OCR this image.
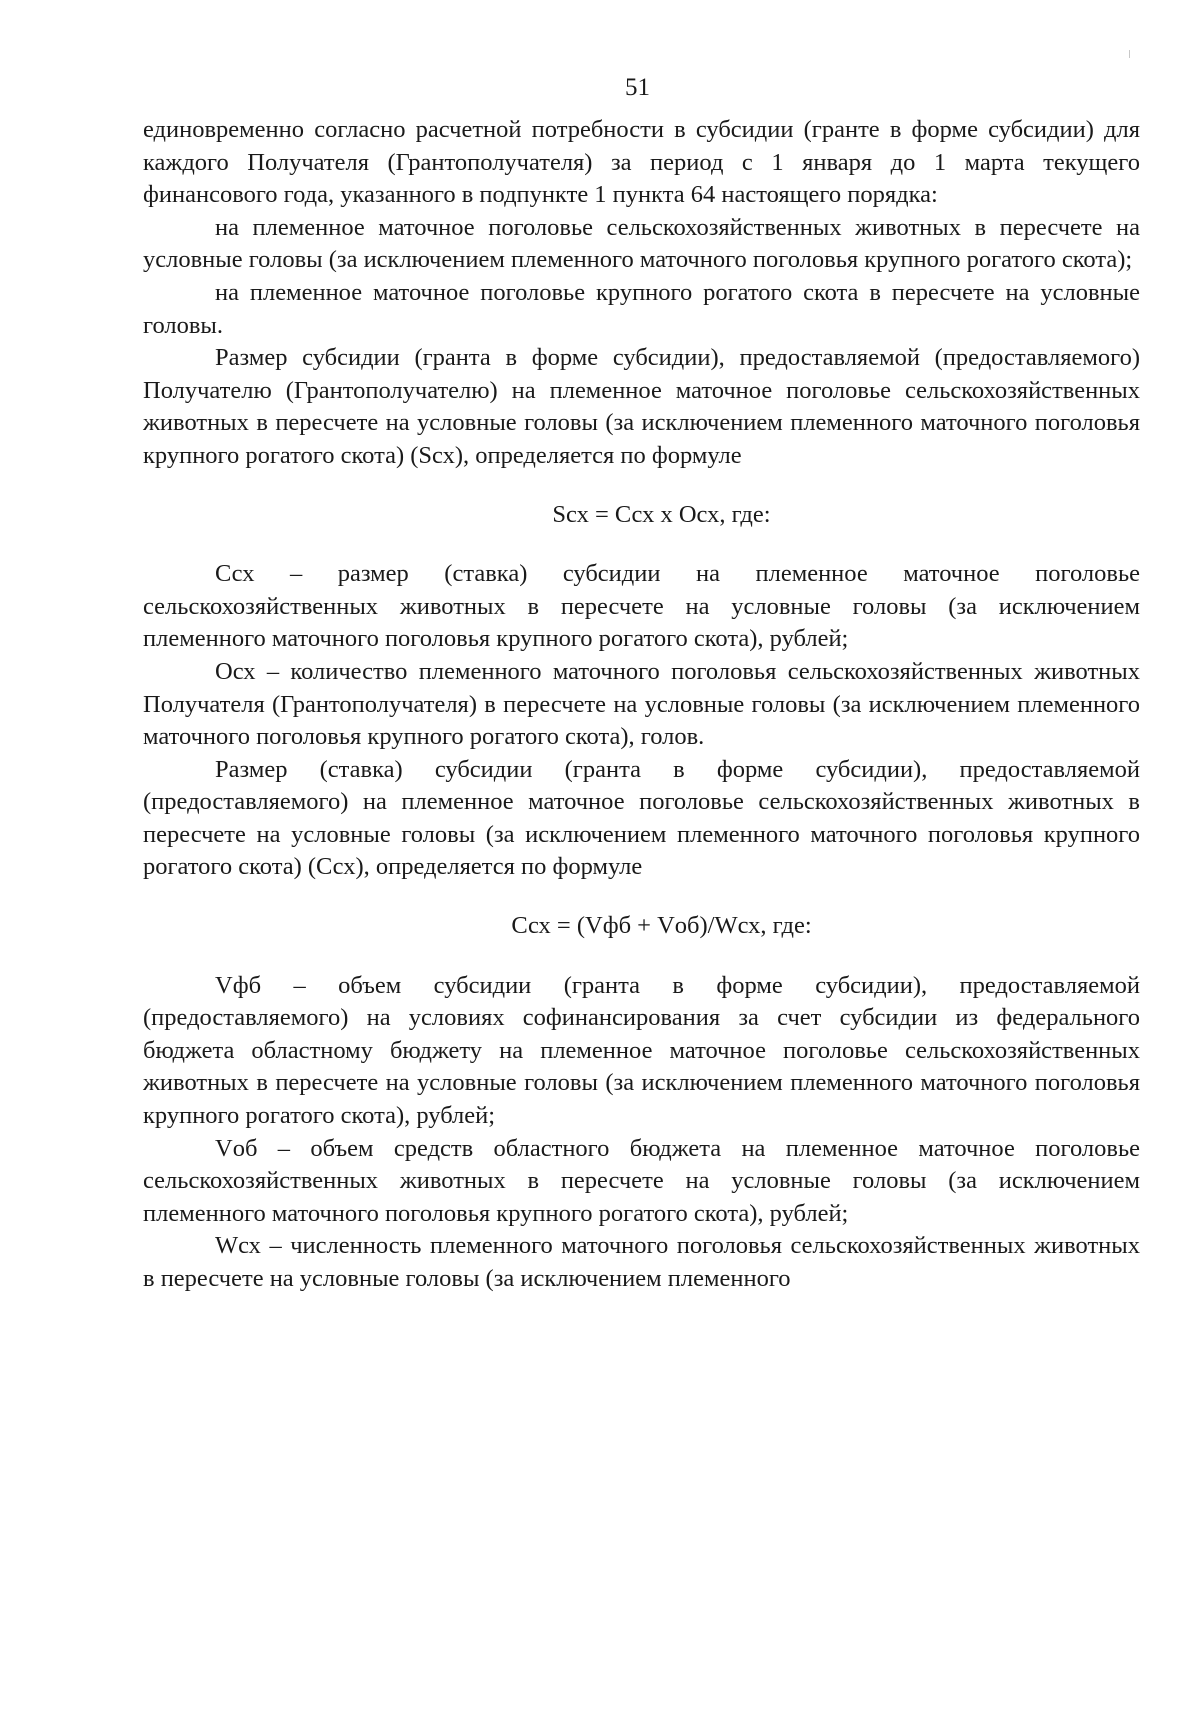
51

единовременно согласно расчетной потребности в субсидии (гранте в форме субсидии) для каждого Получателя (Грантополучателя) за период с 1 января до 1 марта текущего финансового года, указанного в подпункте 1 пункта 64 настоящего порядка:

на племенное маточное поголовье сельскохозяйственных животных в пересчете на условные головы (за исключением племенного маточного поголовья крупного рогатого скота);

на племенное маточное поголовье крупного рогатого скота в пересчете на условные головы.

Размер субсидии (гранта в форме субсидии), предоставляемой (предоставляемого) Получателю (Грантополучателю) на племенное маточное поголовье сельскохозяйственных животных в пересчете на условные головы (за исключением племенного маточного поголовья крупного рогатого скота) (Sсх), определяется по формуле

Sсх = Ссх х Осх, где:

Ссх – размер (ставка) субсидии на племенное маточное поголовье сельскохозяйственных животных в пересчете на условные головы (за исключением племенного маточного поголовья крупного рогатого скота), рублей;

Осх – количество племенного маточного поголовья сельскохозяйственных животных Получателя (Грантополучателя) в пересчете на условные головы (за исключением племенного маточного поголовья крупного рогатого скота), голов.

Размер (ставка) субсидии (гранта в форме субсидии), предоставляемой (предоставляемого) на племенное маточное поголовье сельскохозяйственных животных в пересчете на условные головы (за исключением племенного маточного поголовья крупного рогатого скота) (Ссх), определяется по формуле

Ссх = (Vфб + Vоб)/Wсх, где:

Vфб – объем субсидии (гранта в форме субсидии), предоставляемой (предоставляемого) на условиях софинансирования за счет субсидии из федерального бюджета областному бюджету на племенное маточное поголовье сельскохозяйственных животных в пересчете на условные головы (за исключением племенного маточного поголовья крупного рогатого скота), рублей;

Vоб – объем средств областного бюджета на племенное маточное поголовье сельскохозяйственных животных в пересчете на условные головы (за исключением племенного маточного поголовья крупного рогатого скота), рублей;

Wсх – численность племенного маточного поголовья сельскохозяйственных животных в пересчете на условные головы (за исключением племенного
